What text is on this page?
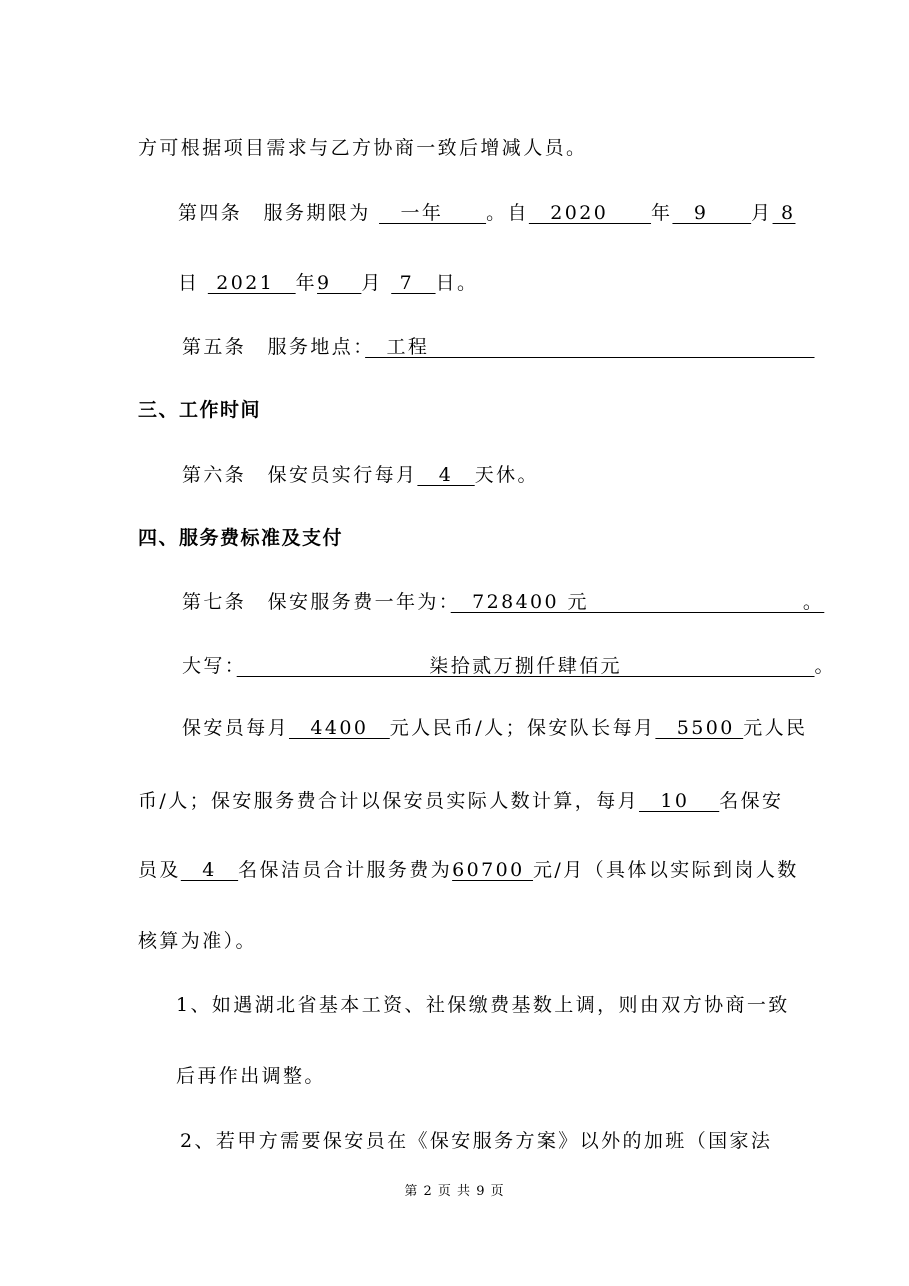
方可根据项目需求与乙方协商一致后增减人员。
第四条　服务期限为 　一年　　。自　2020　　年　9　　月 8
日  2021　年9　 月  7　日。
第五条　服务地点：　工程　　　　　　　　　　　　　　　　　　
三、工作时间
第六条　保安员实行每月　4　天休。
四、服务费标准及支付
第七条　保安服务费一年为：　728400 元　　　　　　　　　　。
大写：　　　　　　　　　柒拾贰万捌仟肆佰元　　　　　　　　　。
保安员每月　4400　元人民币/人；保安队长每月　5500 元人民
币/人；保安服务费合计以保安员实际人数计算，每月　10　 名保安
员及　4　名保洁员合计服务费为60700 元/月（具体以实际到岗人数
核算为准）。
1、如遇湖北省基本工资、社保缴费基数上调，则由双方协商一致
后再作出调整。
2、若甲方需要保安员在《保安服务方案》以外的加班（国家法
第 2 页 共 9 页
